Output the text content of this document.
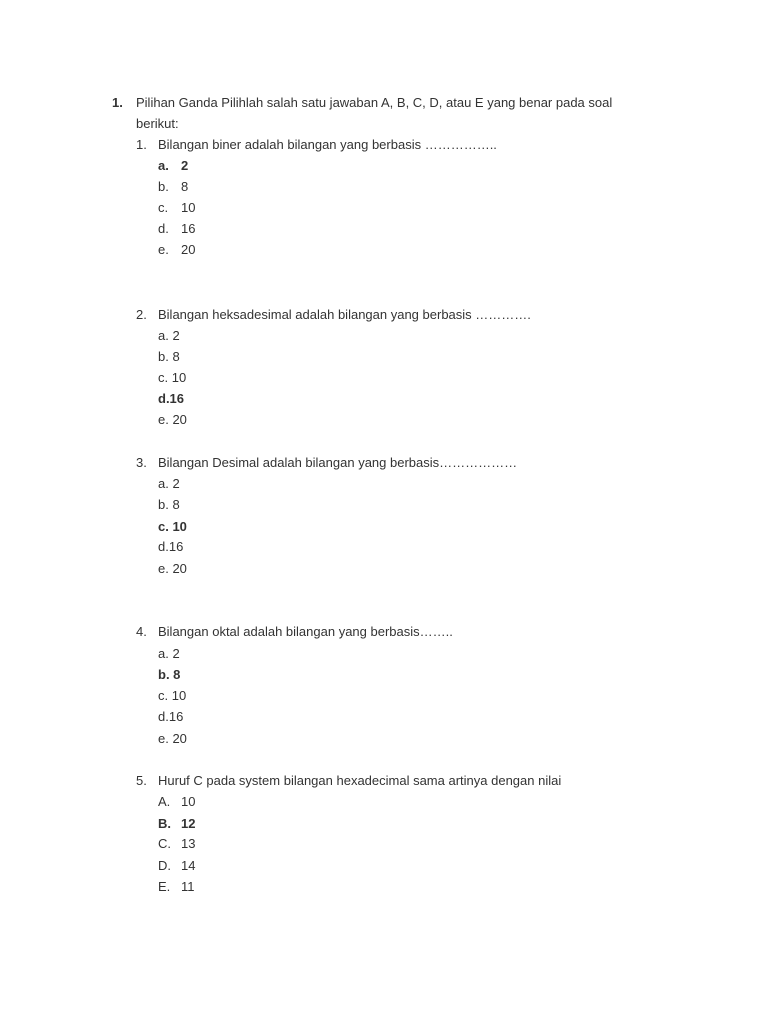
1. Pilihan Ganda Pilihlah salah satu jawaban A, B, C, D, atau E yang benar pada soal
berikut:
1. Bilangan biner adalah bilangan yang berbasis ……………..
a. 2
b. 8
c. 10
d. 16
e. 20
2. Bilangan heksadesimal adalah bilangan yang berbasis ………….
a. 2
b. 8
c. 10
d.16
e. 20
3. Bilangan Desimal adalah bilangan yang berbasis………………
a. 2
b. 8
c. 10
d.16
e. 20
4. Bilangan oktal adalah bilangan yang berbasis……..
a. 2
b. 8
c. 10
d.16
e. 20
5. Huruf C pada system bilangan hexadecimal sama artinya dengan nilai
A. 10
B. 12
C. 13
D. 14
E. 11
